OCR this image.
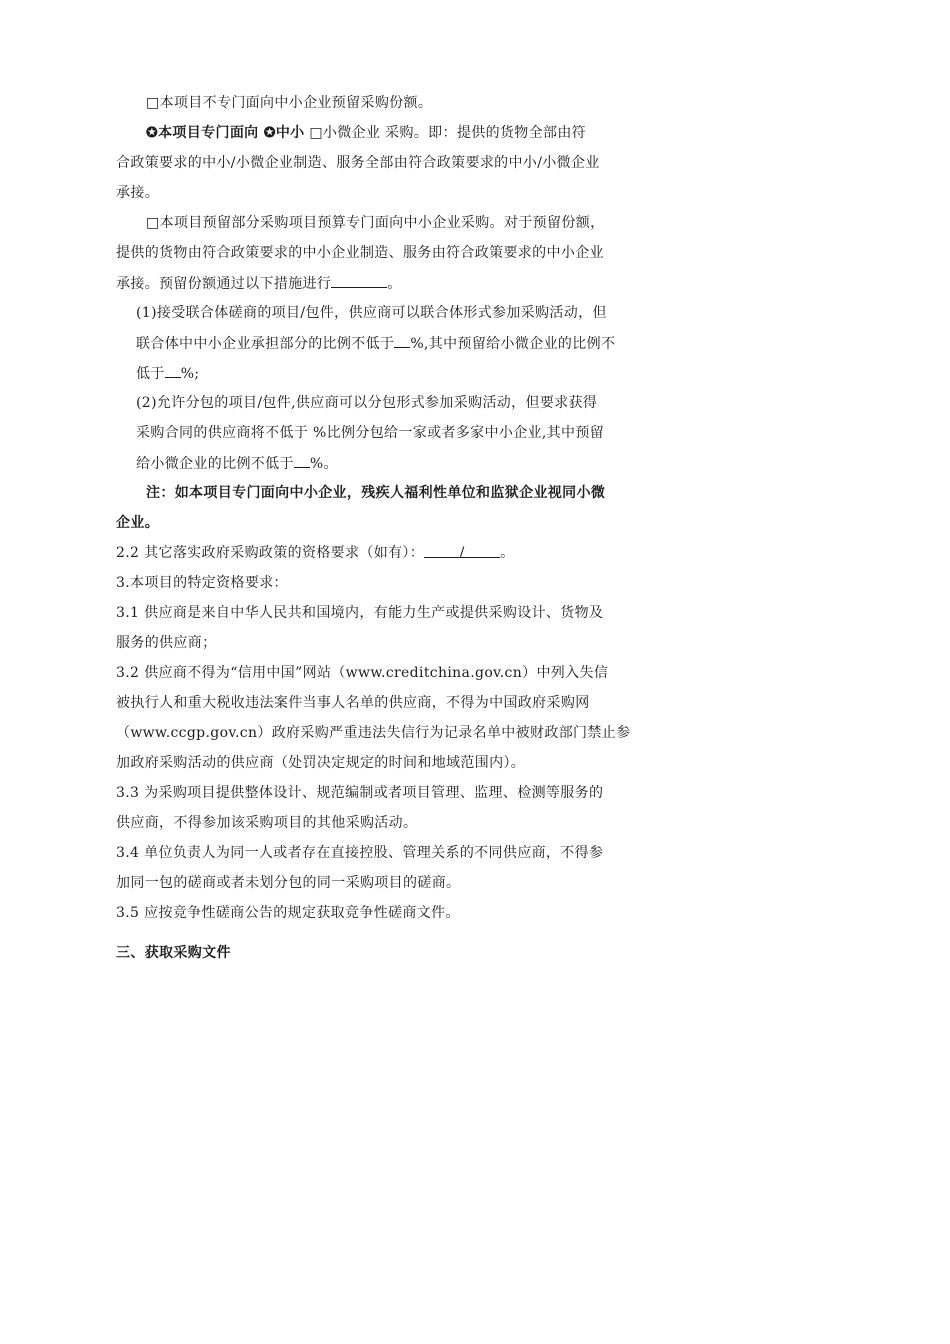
□本项目不专门面向中小企业预留采购份额。
✪本项目专门面向 ✪中小 □小微企业 采购。即：提供的货物全部由符
合政策要求的中小/小微企业制造、服务全部由符合政策要求的中小/小微企业
承接。
□本项目预留部分采购项目预算专门面向中小企业采购。对于预留份额，
提供的货物由符合政策要求的中小企业制造、服务由符合政策要求的中小企业
承接。预留份额通过以下措施进行	。
(1)接受联合体磋商的项目/包件，供应商可以联合体形式参加采购活动，但
联合体中中小企业承担部分的比例不低于 %,其中预留给小微企业的比例不
低于 %;
(2)允许分包的项目/包件,供应商可以分包形式参加采购活动，但要求获得
采购合同的供应商将不低于 %比例分包给一家或者多家中小企业,其中预留
给小微企业的比例不低于 %。
注：如本项目专门面向中小企业，残疾人福利性单位和监狱企业视同小微
企业。
2.2 其它落实政府采购政策的资格要求（如有）：	/	。
3.本项目的特定资格要求：
3.1 供应商是来自中华人民共和国境内，有能力生产或提供采购设计、货物及
服务的供应商；
3.2 供应商不得为“信用中国”网站（www.creditchina.gov.cn）中列入失信
被执行人和重大税收违法案件当事人名单的供应商，不得为中国政府采购网
（www.ccgp.gov.cn）政府采购严重违法失信行为记录名单中被财政部门禁止参
加政府采购活动的供应商（处罚决定规定的时间和地域范围内）。
3.3 为采购项目提供整体设计、规范编制或者项目管理、监理、检测等服务的
供应商，不得参加该采购项目的其他采购活动。
3.4 单位负责人为同一人或者存在直接控股、管理关系的不同供应商，不得参
加同一包的磋商或者未划分包的同一采购项目的磋商。
3.5 应按竞争性磋商公告的规定获取竞争性磋商文件。
三、获取采购文件
